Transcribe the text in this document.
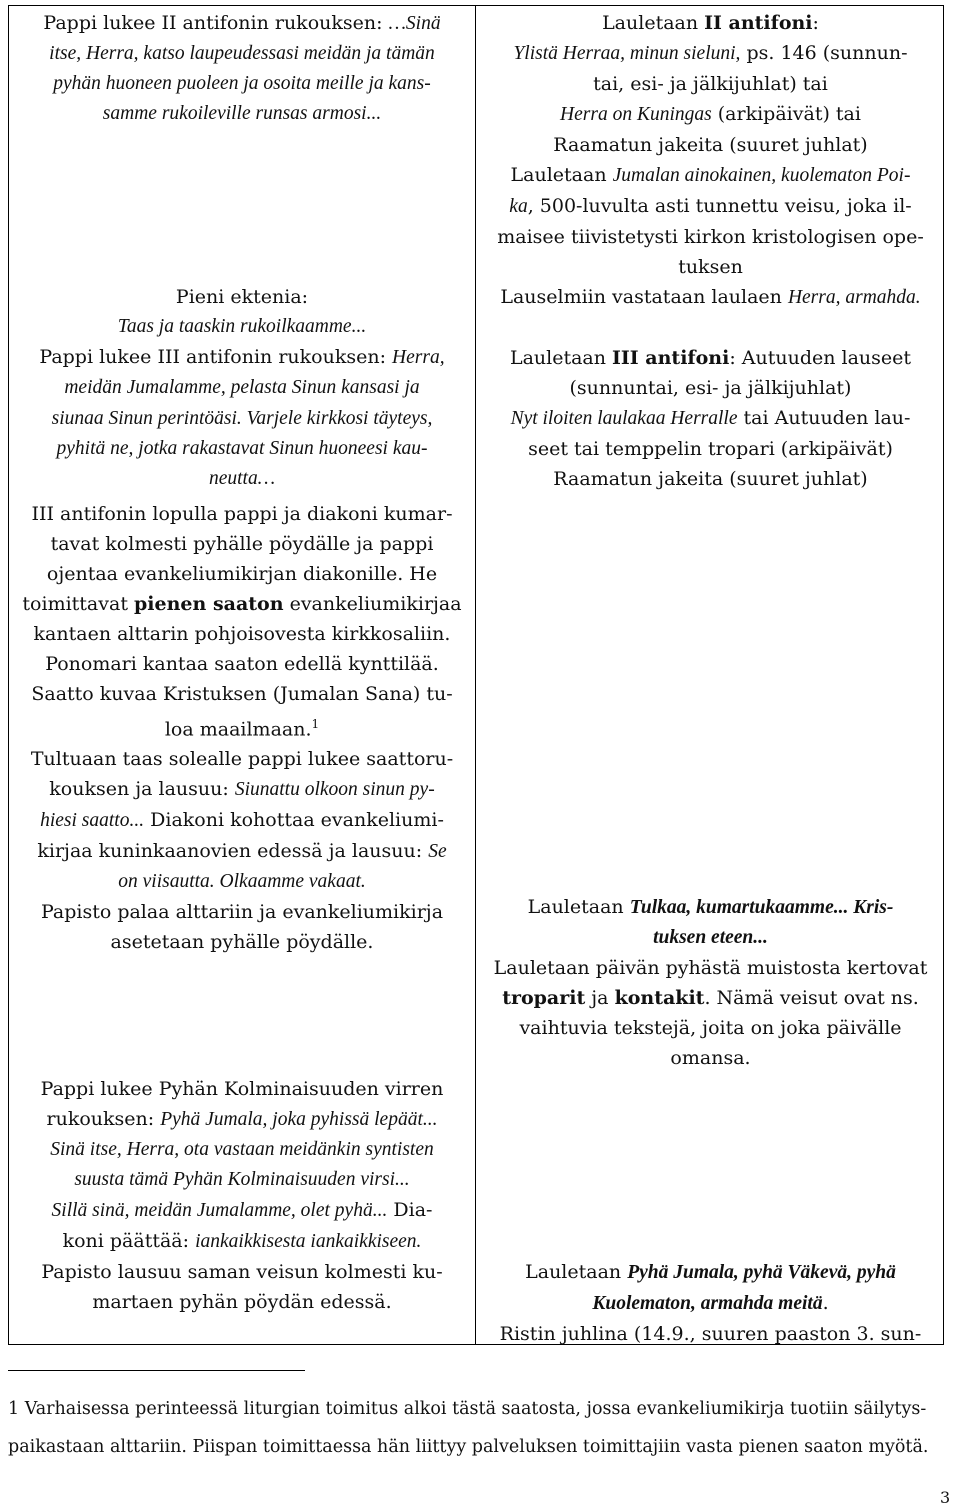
Pappi lukee II antifonin rukouksen: …Sinä

itse, Herra, katso laupeudessasi meidän ja tämän

pyhän huoneen puoleen ja osoita meille ja kans-

samme rukoileville runsas armosi...

Pieni ektenia:

Taas ja taaskin rukoilkaamme...

Pappi lukee III antifonin rukouksen: Herra,

meidän Jumalamme, pelasta Sinun kansasi ja

siunaa Sinun perintöäsi. Varjele kirkkosi täyteys,

pyhitä ne, jotka rakastavat Sinun huoneesi kau-

neutta…

III antifonin lopulla pappi ja diakoni kumar-

tavat kolmesti pyhälle pöydälle ja pappi

ojentaa evankeliumikirjan diakonille. He

toimittavat pienen saaton evankeliumikirjaa

kantaen alttarin pohjoisovesta kirkkosaliin.

Ponomari kantaa saaton edellä kynttilää.

Saatto kuvaa Kristuksen (Jumalan Sana) tu-

loa maailmaan.$^1$

Tultuaan taas solealle pappi lukee saattoru-

kouksen ja lausuu: Siunattu olkoon sinun py-

hiesi saatto... Diakoni kohottaa evankeliumi-

kirjaa kuninkaanovien edessä ja lausuu: Se

on viisautta. Olkaamme vakaat.

Papisto palaa alttariin ja evankeliumikirja

asetetaan pyhälle pöydälle.

Pappi lukee Pyhän Kolminaisuuden virren

rukouksen: Pyhä Jumala, joka pyhissä lepäät...

Sinä itse, Herra, ota vastaan meidänkin syntisten

suusta tämä Pyhän Kolminaisuuden virsi...

Sillä sinä, meidän Jumalamme, olet pyhä... Dia-

koni päättää: iankaikkisesta iankaikkiseen.

Papisto lausuu saman veisun kolmesti ku-

martaen pyhän pöydän edessä.

Lauletaan II antifoni:

Ylistä Herraa, minun sieluni, ps. 146 (sunnun-

tai, esi- ja jälkijuhlat) tai

Herra on Kuningas (arkipäivät) tai

Raamatun jakeita (suuret juhlat)

Lauletaan Jumalan ainokainen, kuolematon Poi-

ka, 500-luvulta asti tunnettu veisu, joka il-

maisee tiivistetysti kirkon kristologisen ope-

tuksen

Lauselmiin vastataan laulaen Herra, armahda.

Lauletaan III antifoni: Autuuden lauseet

(sunnuntai, esi- ja jälkijuhlat)

Nyt iloiten laulakaa Herralle tai Autuuden lau-

seet tai temppelin tropari (arkipäivät)

Raamatun jakeita (suuret juhlat)

Lauletaan Tulkaa, kumartukaamme... Kris-

tuksen eteen...

Lauletaan päivän pyhästä muistosta kertovat

troparit ja kontakit. Nämä veisut ovat ns.

vaihtuvia tekstejä, joita on joka päivälle

omansa.

Lauletaan Pyhä Jumala, pyhä Väkevä, pyhä

Kuolematon, armahda meitä.

Ristin juhlina (14.9., suuren paaston 3. sun-

1 Varhaisessa perinteessä liturgian toimitus alkoi tästä saatosta, jossa evankeliumikirja tuotiin säilytys-
paikastaan alttariin. Piispan toimittaessa hän liittyy palveluksen toimittajiin vasta pienen saaton myötä.
3
